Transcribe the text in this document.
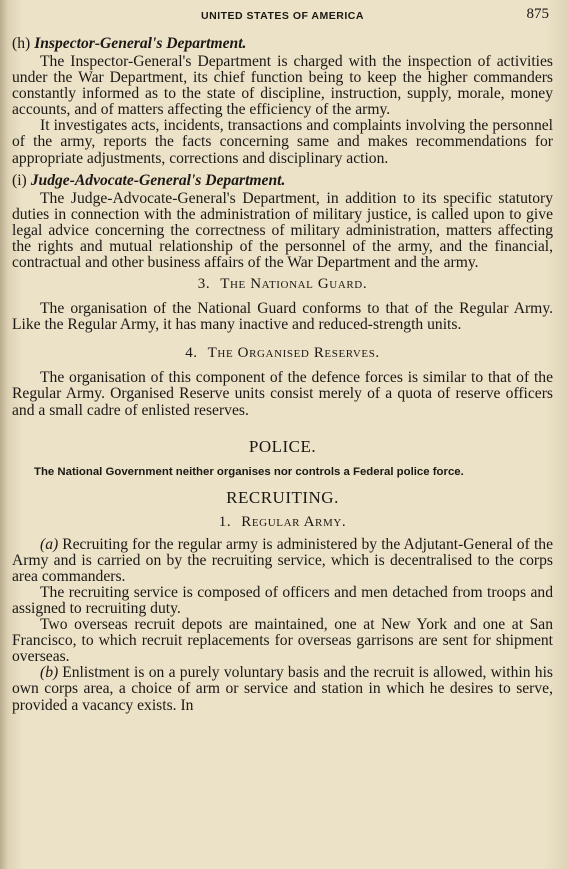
UNITED STATES OF AMERICA	875
(h) Inspector-General's Department.

The Inspector-General's Department is charged with the inspection of activities under the War Department, its chief function being to keep the higher commanders constantly informed as to the state of discipline, instruction, supply, morale, money accounts, and of matters affecting the efficiency of the army.

It investigates acts, incidents, transactions and complaints involving the personnel of the army, reports the facts concerning same and makes recommendations for appropriate adjustments, corrections and disciplinary action.

(i) Judge-Advocate-General's Department.

The Judge-Advocate-General's Department, in addition to its specific statutory duties in connection with the administration of military justice, is called upon to give legal advice concerning the correctness of military administration, matters affecting the rights and mutual relationship of the personnel of the army, and the financial, contractual and other business affairs of the War Department and the army.

3. The National Guard.

The organisation of the National Guard conforms to that of the Regular Army. Like the Regular Army, it has many inactive and reduced-strength units.

4. The Organised Reserves.

The organisation of this component of the defence forces is similar to that of the Regular Army. Organised Reserve units consist merely of a quota of reserve officers and a small cadre of enlisted reserves.

POLICE.

The National Government neither organises nor controls a Federal police force.

RECRUITING.
1. Regular Army.

(a) Recruiting for the regular army is administered by the Adjutant-General of the Army and is carried on by the recruiting service, which is decentralised to the corps area commanders.

The recruiting service is composed of officers and men detached from troops and assigned to recruiting duty.

Two overseas recruit depots are maintained, one at New York and one at San Francisco, to which recruit replacements for overseas garrisons are sent for shipment overseas.

(b) Enlistment is on a purely voluntary basis and the recruit is allowed, within his own corps area, a choice of arm or service and station in which he desires to serve, provided a vacancy exists. In
